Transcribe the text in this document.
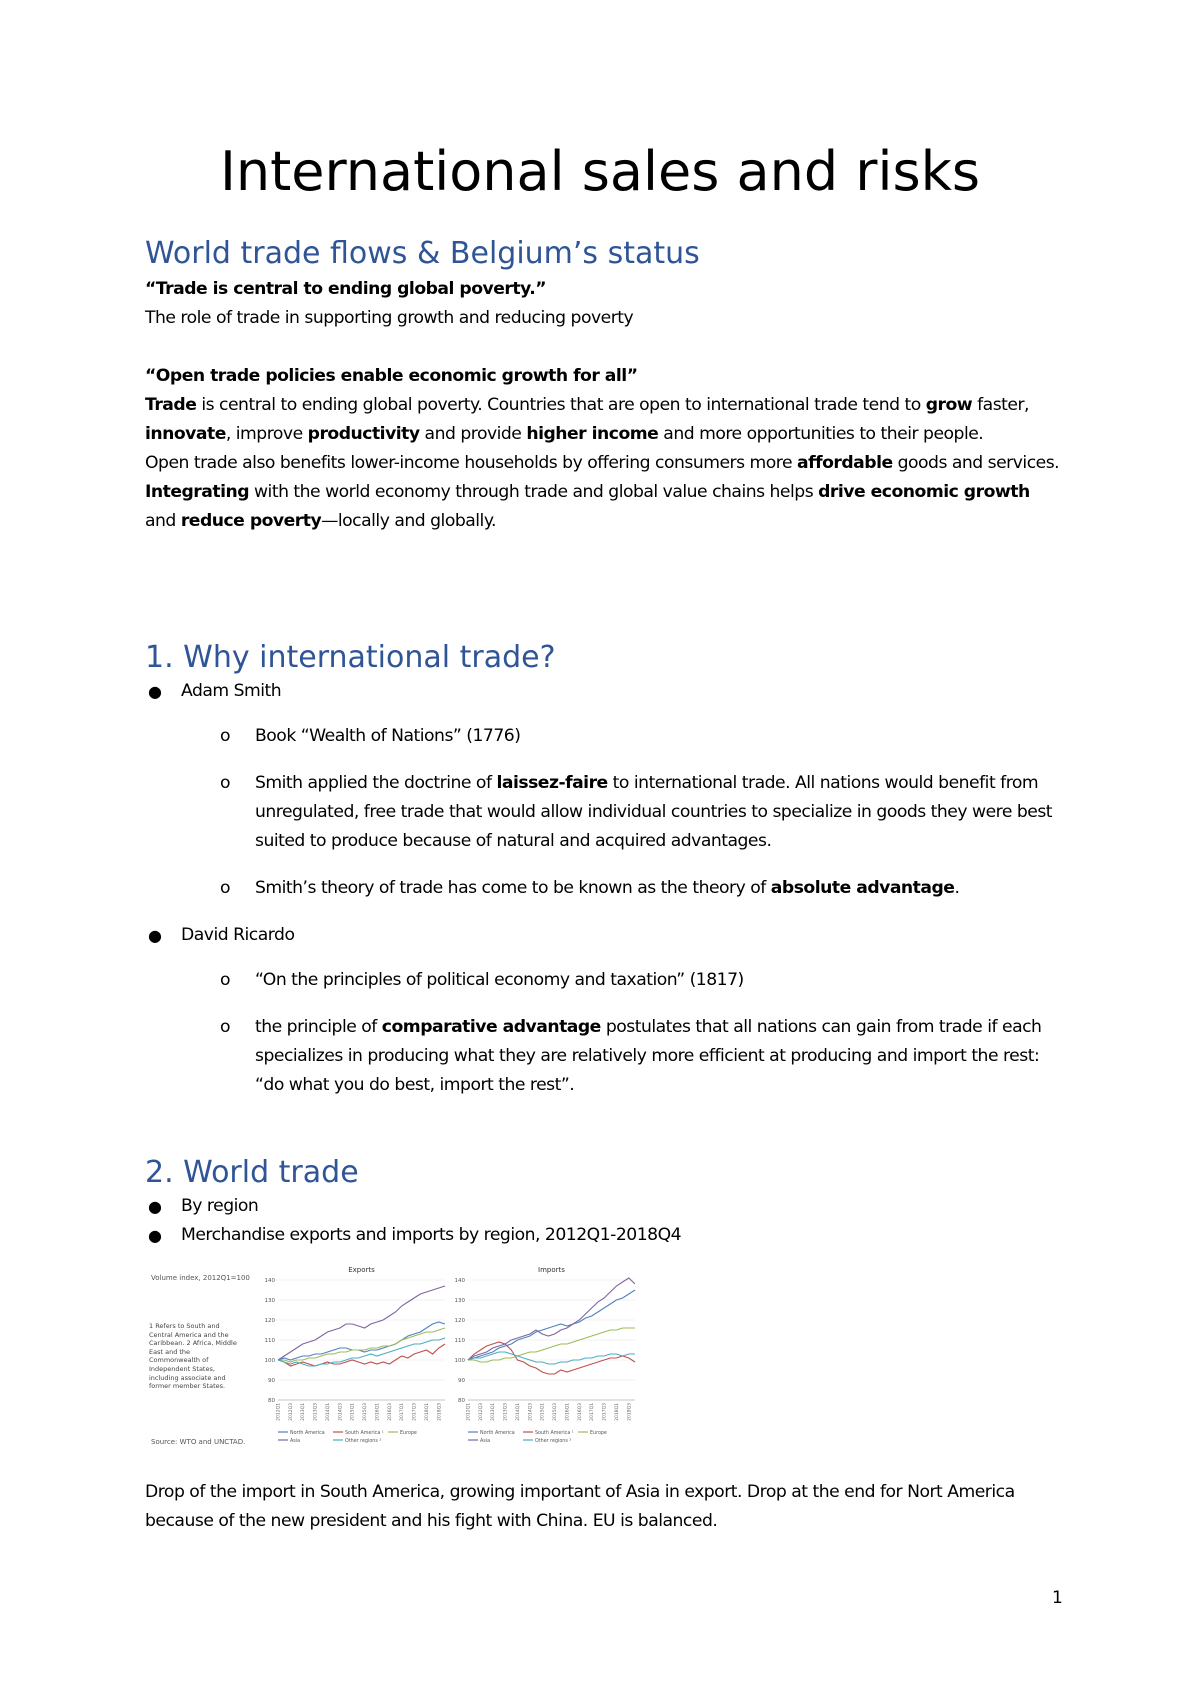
International sales and risks
World trade flows & Belgium’s status

“Trade is central to ending global poverty.”

The role of trade in supporting growth and reducing poverty

“Open trade policies enable economic growth for all”

Trade is central to ending global poverty. Countries that are open to international trade tend to grow faster, innovate, improve productivity and provide higher income and more opportunities to their people.

Open trade also benefits lower-income households by offering consumers more affordable goods and services.

Integrating with the world economy through trade and global value chains helps drive economic growth and reduce poverty—locally and globally.

1. Why international trade?
● Adam Smith
o Book “Wealth of Nations” (1776)
o Smith applied the doctrine of laissez-faire to international trade. All nations would benefit from unregulated, free trade that would allow individual countries to specialize in goods they were best suited to produce because of natural and acquired advantages.
o Smith’s theory of trade has come to be known as the theory of absolute advantage.
● David Ricardo
o “On the principles of political economy and taxation” (1817)
o the principle of comparative advantage postulates that all nations can gain from trade if each specializes in producing what they are relatively more efficient at producing and import the rest: “do what you do best, import the rest”.
2. World trade
● By region
● Merchandise exports and imports by region, 2012Q1-2018Q4
Volume index, 2012Q1=100
1 Refers to South and Central America and the Caribbean. 2 Africa, Middle East and the Commonwealth of Independent States, including associate and former member States.
Source: WTO and UNCTAD.
Exports
80
90
100
110
120
130
140
2012Q1 2012Q3 2013Q1 2013Q3 2014Q1 2014Q3 2015Q1 2015Q3 2016Q1 2016Q3 2017Q1 2017Q3 2018Q1 2018Q3
North America	South America ¹	Europe
Asia	Other regions ²
Imports
80
90
100
110
120
130
140
2012Q1 2012Q3 2013Q1 2013Q3 2014Q1 2014Q3 2015Q1 2015Q3 2016Q1 2016Q3 2017Q1 2017Q3 2018Q1 2018Q3
North America	South America ¹	Europe
Asia	Other regions ²

Drop of the import in South America, growing important of Asia in export. Drop at the end for Nort America because of the new president and his fight with China. EU is balanced.

1
